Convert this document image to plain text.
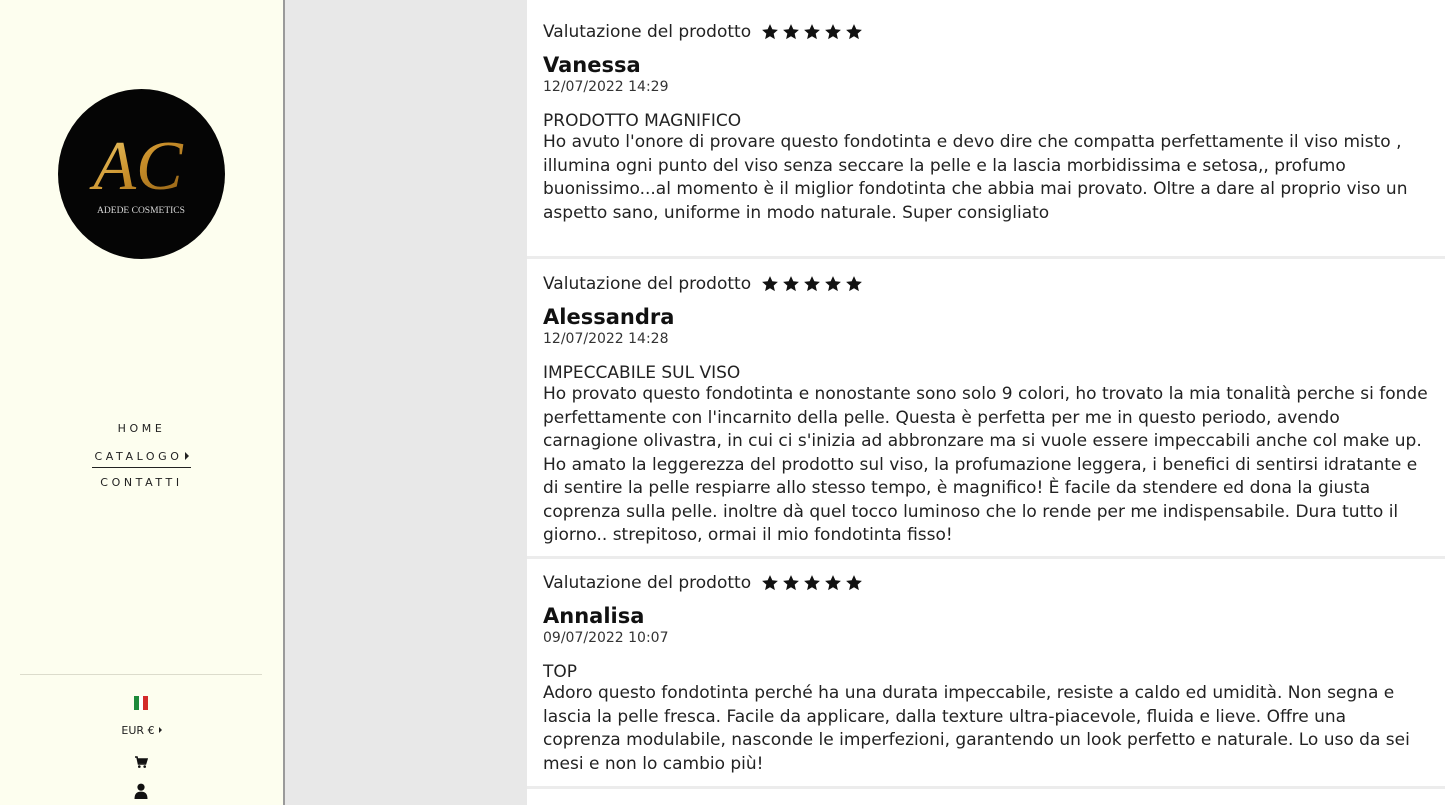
AC
ADEDE COSMETICS
HOME
CATALOGO
CONTATTI
EUR €
Valutazione del prodotto
Vanessa
12/07/2022 14:29
PRODOTTO MAGNIFICO
Ho avuto l'onore di provare questo fondotinta e devo dire che compatta perfettamente il viso misto , illumina ogni punto del viso senza seccare la pelle e la lascia morbidissima e setosa,, profumo buonissimo...al momento è il miglior fondotinta che abbia mai provato. Oltre a dare al proprio viso un aspetto sano, uniforme in modo naturale. Super consigliato
Valutazione del prodotto
Alessandra
12/07/2022 14:28
IMPECCABILE SUL VISO
Ho provato questo fondotinta e nonostante sono solo 9 colori, ho trovato la mia tonalità perche si fonde perfettamente con l'incarnito della pelle. Questa è perfetta per me in questo periodo, avendo carnagione olivastra, in cui ci s'inizia ad abbronzare ma si vuole essere impeccabili anche col make up. Ho amato la leggerezza del prodotto sul viso, la profumazione leggera, i benefici di sentirsi idratante e di sentire la pelle respiarre allo stesso tempo, è magnifico! È facile da stendere ed dona la giusta coprenza sulla pelle. inoltre dà quel tocco luminoso che lo rende per me indispensabile. Dura tutto il giorno.. strepitoso, ormai il mio fondotinta fisso!
Valutazione del prodotto
Annalisa
09/07/2022 10:07
TOP
Adoro questo fondotinta perché ha una durata impeccabile, resiste a caldo ed umidità. Non segna e lascia la pelle fresca. Facile da applicare, dalla texture ultra-piacevole, fluida e lieve. Offre una coprenza modulabile, nasconde le imperfezioni, garantendo un look perfetto e naturale. Lo uso da sei mesi e non lo cambio più!
